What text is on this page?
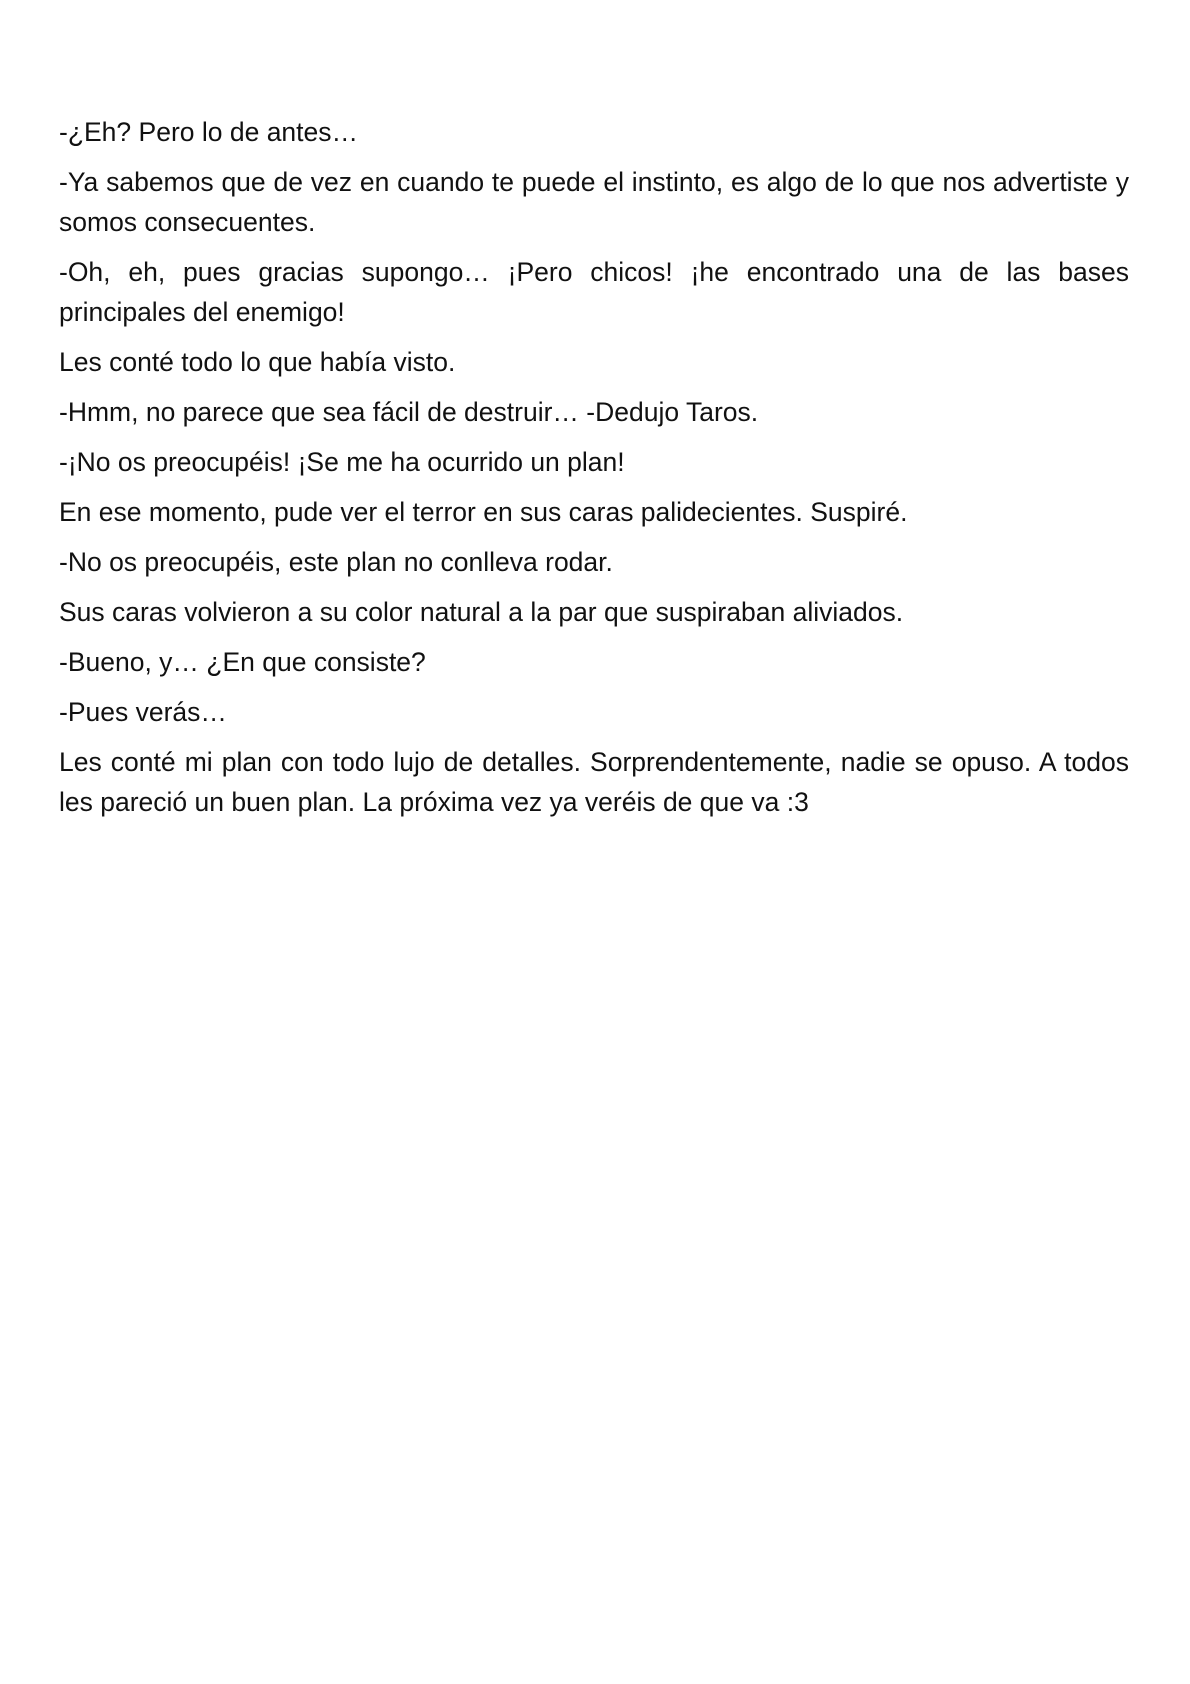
-¿Eh? Pero lo de antes…

-Ya sabemos que de vez en cuando te puede el instinto, es algo de lo que nos advertiste y somos consecuentes.

-Oh, eh, pues gracias supongo… ¡Pero chicos! ¡he encontrado una de las bases principales del enemigo!

Les conté todo lo que había visto.

-Hmm, no parece que sea fácil de destruir… -Dedujo Taros.

-¡No os preocupéis! ¡Se me ha ocurrido un plan!

En ese momento, pude ver el terror en sus caras palidecientes. Suspiré.

-No os preocupéis, este plan no conlleva rodar.

Sus caras volvieron a su color natural a la par que suspiraban aliviados.

-Bueno, y… ¿En que consiste?

-Pues verás…

Les conté mi plan con todo lujo de detalles. Sorprendentemente, nadie se opuso. A todos les pareció un buen plan. La próxima vez ya veréis de que va :3
